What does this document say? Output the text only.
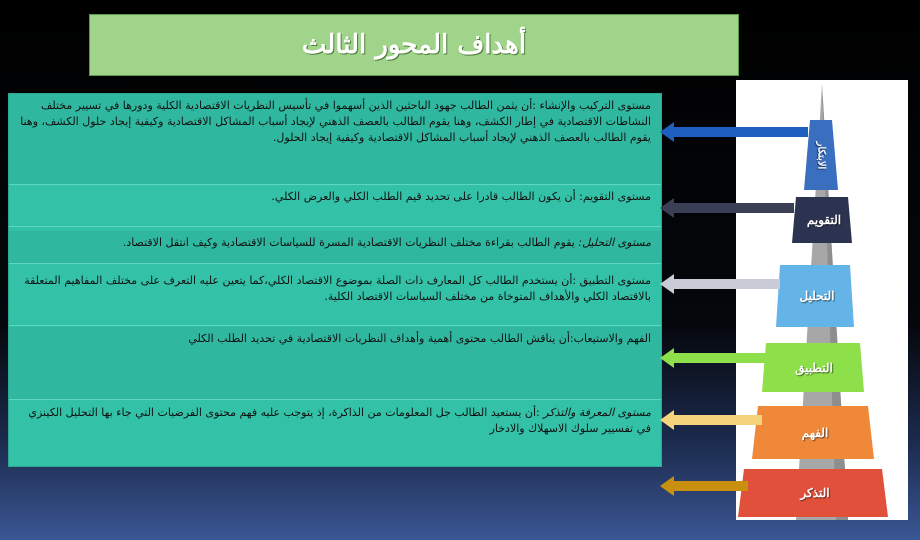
أهداف المحور الثالث
مستوى التركيب والإنشاء :أن يثمن الطالب جهود الباحثين الذين أسهموا في تأسيس النظريات الاقتصادية الكلية ودورها في تسيير مختلف النشاطات الاقتصادية في إطار الكشف، وهنا يقوم الطالب بالعصف الذهني لإيجاد أسباب المشاكل الاقتصادية وكيفية إيجاد حلول الكشف، وهنا يقوم الطالب بالعصف الذهني لإيجاد أسباب المشاكل الاقتصادية وكيفية إيجاد الحلول.
مستوى التقويم: أن يكون الطالب قادرا على تحديد قيم الطلب الكلي والعرض الكلي.
مستوى التحليل: يقوم الطالب بقراءة مختلف النظريات الاقتصادية المسرة للسياسات الاقتصادية وكيف انتقل الاقتصاد.
مستوى التطبيق :أن يستخدم الطالب كل المعارف ذات الصلة بموضوع الاقتصاد الكلي،كما يتعين عليه التعرف على مختلف المفاهيم المتعلقة بالاقتصاد الكلي والأهداف المتوخاة من مختلف السياسات الاقتصاد الكلية.
الفهم والاستيعاب:أن يناقش الطالب محتوى أهمية وأهداف النظريات الاقتصادية في تحديد الطلب الكلي
مستوى المعرفة والتذكر :أن يستعيد الطالب جل المعلومات من الذاكرة، إذ يتوجب عليه فهم محتوى الفرضيات التي جاء بها التحليل الكينزي في تفسيير سلوك الاسهلاك والادخار
الابتكار
التقويم
التحليل
التطبيق
الفهم
التذكر
